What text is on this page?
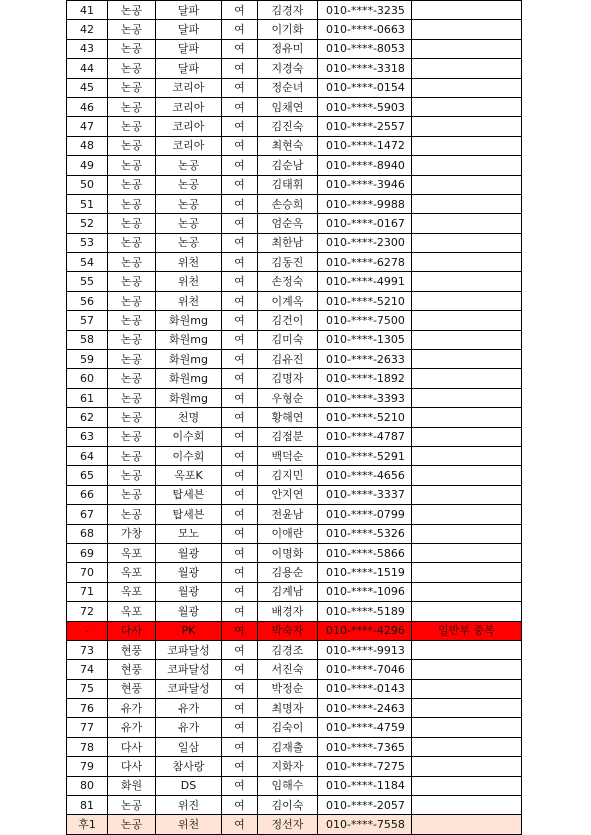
41	논공	달파	여	김경자	010-****-3235	
42	논공	달파	여	이기화	010-****-0663	
43	논공	달파	여	정유미	010-****-8053	
44	논공	달파	여	지경숙	010-****-3318	
45	논공	코리아	여	정순녀	010-****-0154	
46	논공	코리아	여	임채연	010-****-5903	
47	논공	코리아	여	김진숙	010-****-2557	
48	논공	코리아	여	최현숙	010-****-1472	
49	논공	논공	여	김순남	010-****-8940	
50	논공	논공	여	김태휘	010-****-3946	
51	논공	논공	여	손승희	010-****-9988	
52	논공	논공	여	엄순옥	010-****-0167	
53	논공	논공	여	최한남	010-****-2300	
54	논공	위천	여	김동진	010-****-6278	
55	논공	위천	여	손정숙	010-****-4991	
56	논공	위천	여	이계옥	010-****-5210	
57	논공	화원mg	여	김건이	010-****-7500	
58	논공	화원mg	여	김미숙	010-****-1305	
59	논공	화원mg	여	김유진	010-****-2633	
60	논공	화원mg	여	김명자	010-****-1892	
61	논공	화원mg	여	우형순	010-****-3393	
62	논공	천명	여	황해연	010-****-5210	
63	논공	이수회	여	김점분	010-****-4787	
64	논공	이수회	여	백덕순	010-****-5291	
65	논공	옥포K	여	김지민	010-****-4656	
66	논공	탑세븐	여	안지연	010-****-3337	
67	논공	탑세븐	여	전윤남	010-****-0799	
68	가창	모노	여	이애란	010-****-5326	
69	옥포	월광	여	이명화	010-****-5866	
70	옥포	월광	여	김용순	010-****-1519	
71	옥포	월광	여	김계남	010-****-1096	
72	옥포	월광	여	배경자	010-****-5189	
-	다사	PK	여	박숙자	010-****-4296	일반부 중복
73	현풍	코파달성	여	김경조	010-****-9913	
74	현풍	코파달성	여	서진숙	010-****-7046	
75	현풍	코파달성	여	박정순	010-****-0143	
76	유가	유가	여	최명자	010-****-2463	
77	유가	유가	여	김숙이	010-****-4759	
78	다사	일삼	여	김재출	010-****-7365	
79	다사	참사랑	여	지화자	010-****-7275	
80	화원	DS	여	임해수	010-****-1184	
81	논공	위진	여	김이숙	010-****-2057	
후1	논공	위천	여	정선자	010-****-7558	
